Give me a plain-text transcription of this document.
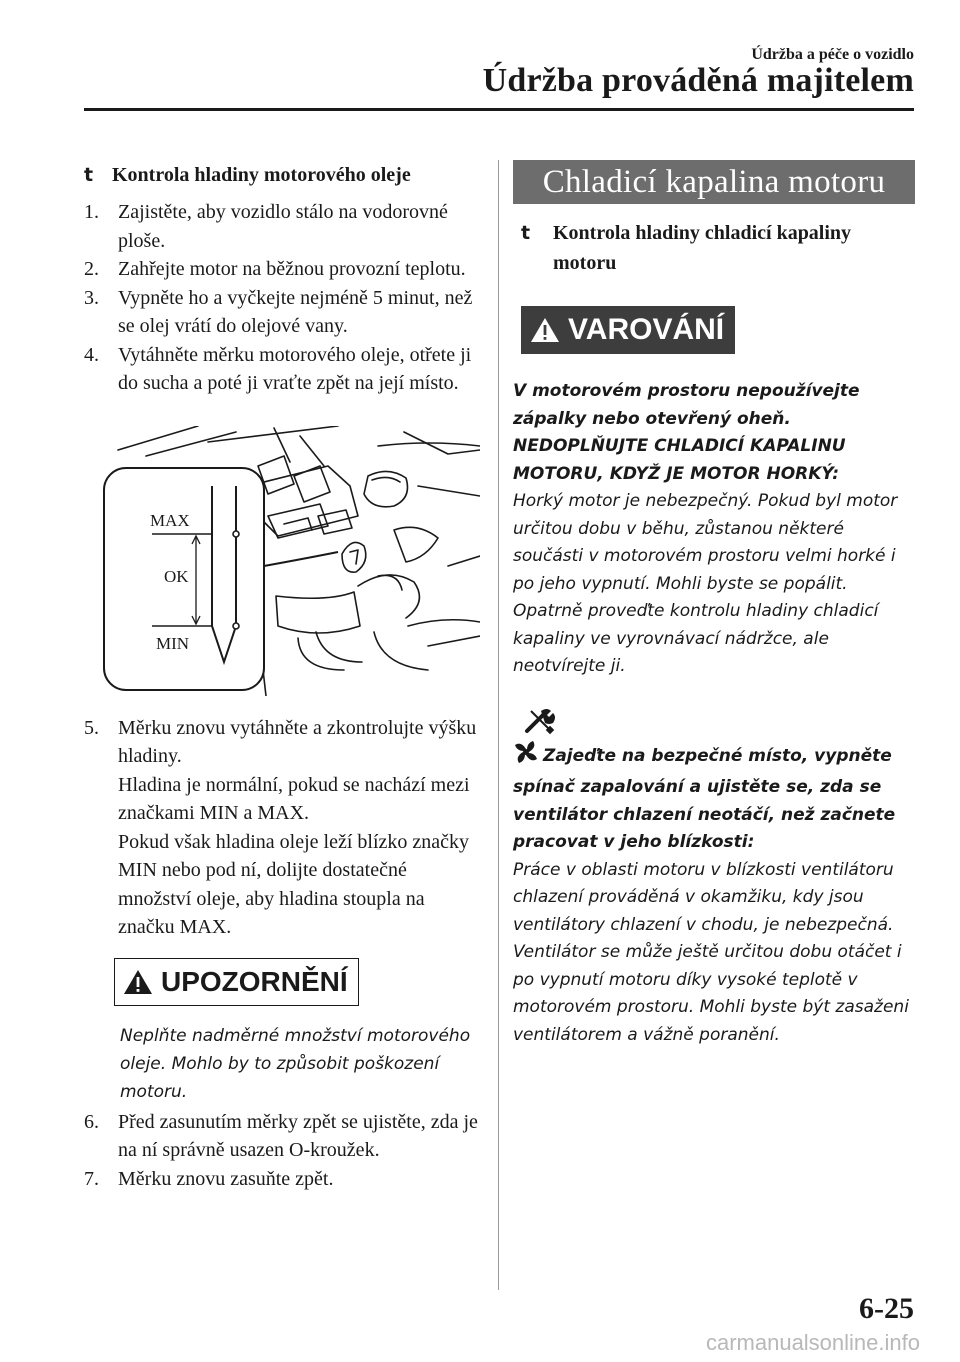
Údržba a péče o vozidlo
Údržba prováděná majitelem
t Kontrola hladiny motorového oleje
1. Zajistěte, aby vozidlo stálo na vodorovné ploše.
2. Zahřejte motor na běžnou provozní teplotu.
3. Vypněte ho a vyčkejte nejméně 5 minut, než se olej vrátí do olejové vany.
4. Vytáhněte měrku motorového oleje, otřete ji do sucha a poté ji vraťte zpět na její místo.
MAX
OK
MIN
5. Měrku znovu vytáhněte a zkontrolujte výšku hladiny.
Hladina je normální, pokud se nachází mezi značkami MIN a MAX.
Pokud však hladina oleje leží blízko značky MIN nebo pod ní, dolijte dostatečné množství oleje, aby hladina stoupla na značku MAX.
UPOZORNĚNÍ
Neplňte nadměrné množství motorového oleje. Mohlo by to způsobit poškození motoru.
6. Před zasunutím měrky zpět se ujistěte, zda je na ní správně usazen O-kroužek.
7. Měrku znovu zasuňte zpět.
Chladicí kapalina motoru
t	Kontrola hladiny chladicí kapaliny motoru
VAROVÁNÍ
V motorovém prostoru nepoužívejte zápalky nebo otevřený oheň.
NEDOPLŇUJTE CHLADICÍ KAPALINU MOTORU, KDYŽ JE MOTOR HORKÝ:
Horký motor je nebezpečný. Pokud byl motor určitou dobu v běhu, zůstanou některé součásti v motorovém prostoru velmi horké i po jeho vypnutí. Mohli byste se popálit. Opatrně proveďte kontrolu hladiny chladicí kapaliny ve vyrovnávací nádržce, ale neotvírejte ji.
Zajeďte na bezpečné místo, vypněte spínač zapalování a ujistěte se, zda se ventilátor chlazení neotáčí, než začnete pracovat v jeho blízkosti:
Práce v oblasti motoru v blízkosti ventilátoru chlazení prováděná v okamžiku, kdy jsou ventilátory chlazení v chodu, je nebezpečná. Ventilátor se může ještě určitou dobu otáčet i po vypnutí motoru díky vysoké teplotě v motorovém prostoru. Mohli byste být zasaženi ventilátorem a vážně poranění.
6-25
carmanualsonline.info
